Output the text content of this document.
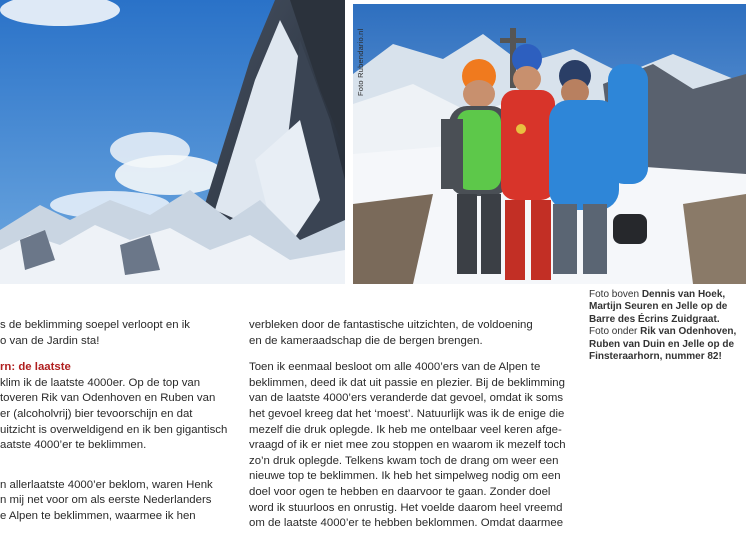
Foto Rubendario.nl

s de beklimming soepel verloopt en ik

o van de Jardin sta!

rn: de laatste

klim ik de laatste 4000er. Op de top van

toveren Rik van Odenhoven en Ruben van

er (alcoholvrij) bier tevoorschijn en dat

uitzicht is overweldigend en ik ben gigantisch

aatste 4000’er te beklimmen.

n allerlaatste 4000’er beklom, waren Henk

n mij net voor om als eerste Nederlanders

e Alpen te beklimmen, waarmee ik hen

verbleken door de fantastische uitzichten, de voldoening

en de kameraadschap die de bergen brengen.

Toen ik eenmaal besloot om alle 4000’ers van de Alpen te

beklimmen, deed ik dat uit passie en plezier. Bij de beklimming

van de laatste 4000’ers veranderde dat gevoel, omdat ik soms

het gevoel kreeg dat het ‘moest’. Natuurlijk was ik de enige die

mezelf die druk oplegde. Ik heb me ontelbaar veel keren afge-

vraagd of ik er niet mee zou stoppen en waarom ik mezelf toch

zo’n druk oplegde. Telkens kwam toch de drang om weer een

nieuwe top te beklimmen. Ik heb het simpelweg nodig om een

doel voor ogen te hebben en daarvoor te gaan. Zonder doel

word ik stuurloos en onrustig. Het voelde daarom heel vreemd

om de laatste 4000’er te hebben beklommen. Omdat daarmee

Foto boven Dennis van Hoek, Martijn Seuren en Jelle op de Barre des Écrins Zuidgraat. Foto onder Rik van Odenhoven, Ruben van Duin en Jelle op de Finsteraarhorn, nummer 82!
